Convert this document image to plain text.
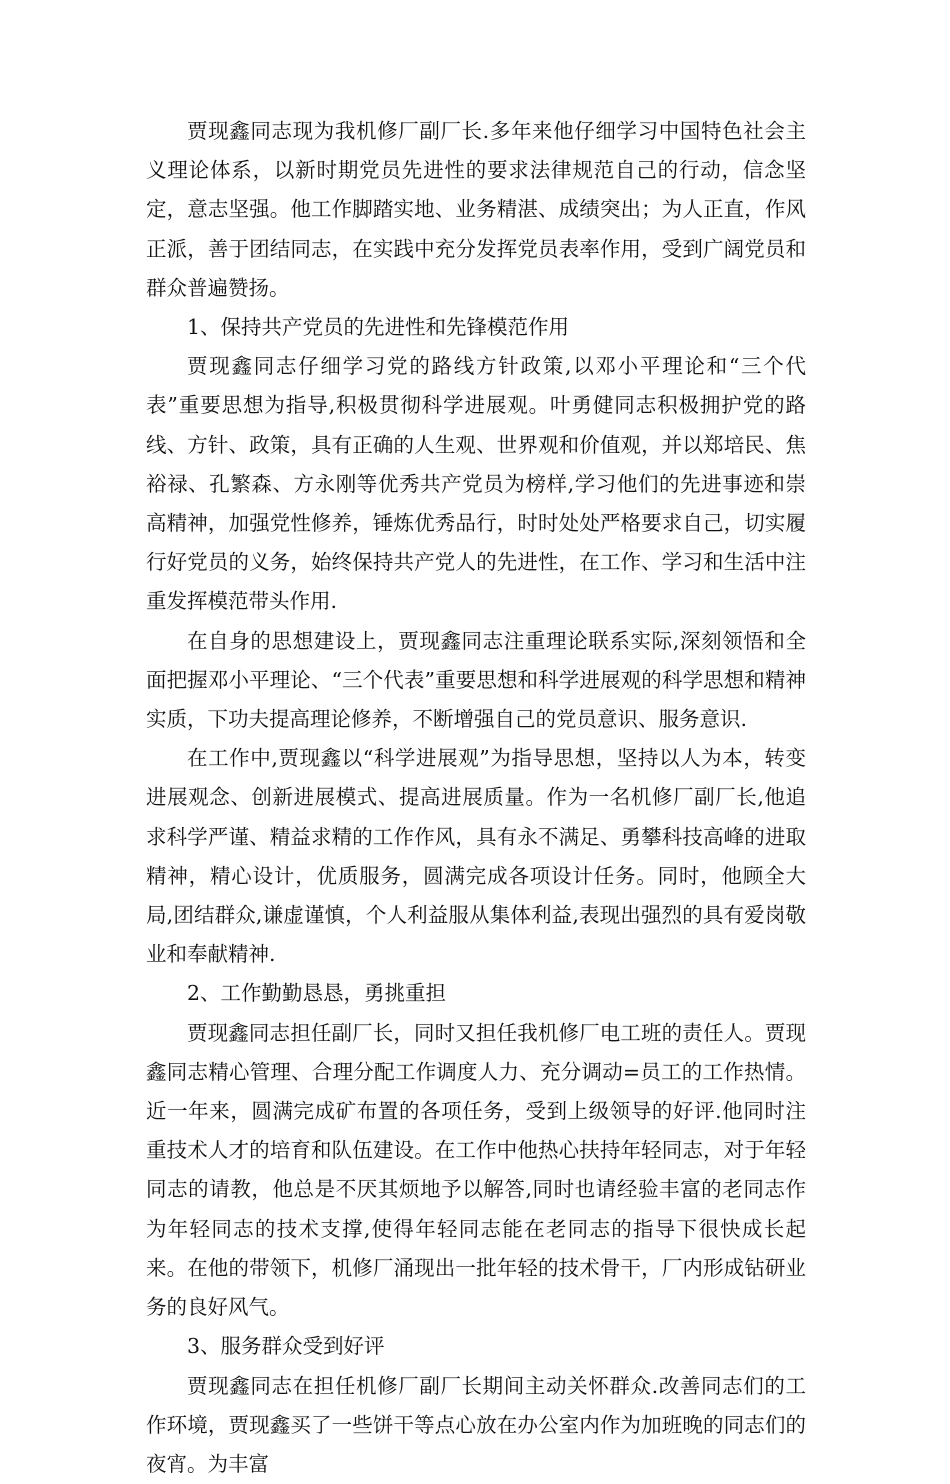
贾现鑫同志现为我机修厂副厂长.多年来他仔细学习中国特色社会主义理论体系，以新时期党员先进性的要求法律规范自己的行动，信念坚定，意志坚强。他工作脚踏实地、业务精湛、成绩突出；为人正直，作风正派，善于团结同志，在实践中充分发挥党员表率作用，受到广阔党员和群众普遍赞扬。

1、保持共产党员的先进性和先锋模范作用

贾现鑫同志仔细学习党的路线方针政策,以邓小平理论和“三个代表”重要思想为指导,积极贯彻科学进展观。叶勇健同志积极拥护党的路线、方针、政策，具有正确的人生观、世界观和价值观，并以郑培民、焦裕禄、孔繁森、方永刚等优秀共产党员为榜样,学习他们的先进事迹和崇高精神，加强党性修养，锤炼优秀品行，时时处处严格要求自己，切实履行好党员的义务，始终保持共产党人的先进性，在工作、学习和生活中注重发挥模范带头作用.

在自身的思想建设上，贾现鑫同志注重理论联系实际,深刻领悟和全面把握邓小平理论、“三个代表”重要思想和科学进展观的科学思想和精神实质，下功夫提高理论修养，不断增强自己的党员意识、服务意识.

在工作中,贾现鑫以“科学进展观”为指导思想，坚持以人为本，转变进展观念、创新进展模式、提高进展质量。作为一名机修厂副厂长,他追求科学严谨、精益求精的工作作风，具有永不满足、勇攀科技高峰的进取精神，精心设计，优质服务，圆满完成各项设计任务。同时，他顾全大局,团结群众,谦虚谨慎，个人利益服从集体利益,表现出强烈的具有爱岗敬业和奉献精神.

2、工作勤勤恳恳，勇挑重担

贾现鑫同志担任副厂长，同时又担任我机修厂电工班的责任人。贾现鑫同志精心管理、合理分配工作调度人力、充分调动=员工的工作热情。近一年来，圆满完成矿布置的各项任务，受到上级领导的好评.他同时注重技术人才的培育和队伍建设。在工作中他热心扶持年轻同志，对于年轻同志的请教，他总是不厌其烦地予以解答,同时也请经验丰富的老同志作为年轻同志的技术支撑,使得年轻同志能在老同志的指导下很快成长起来。在他的带领下，机修厂涌现出一批年轻的技术骨干，厂内形成钻研业务的良好风气。

3、服务群众受到好评

贾现鑫同志在担任机修厂副厂长期间主动关怀群众.改善同志们的工作环境，贾现鑫买了一些饼干等点心放在办公室内作为加班晚的同志们的夜宵。为丰富
